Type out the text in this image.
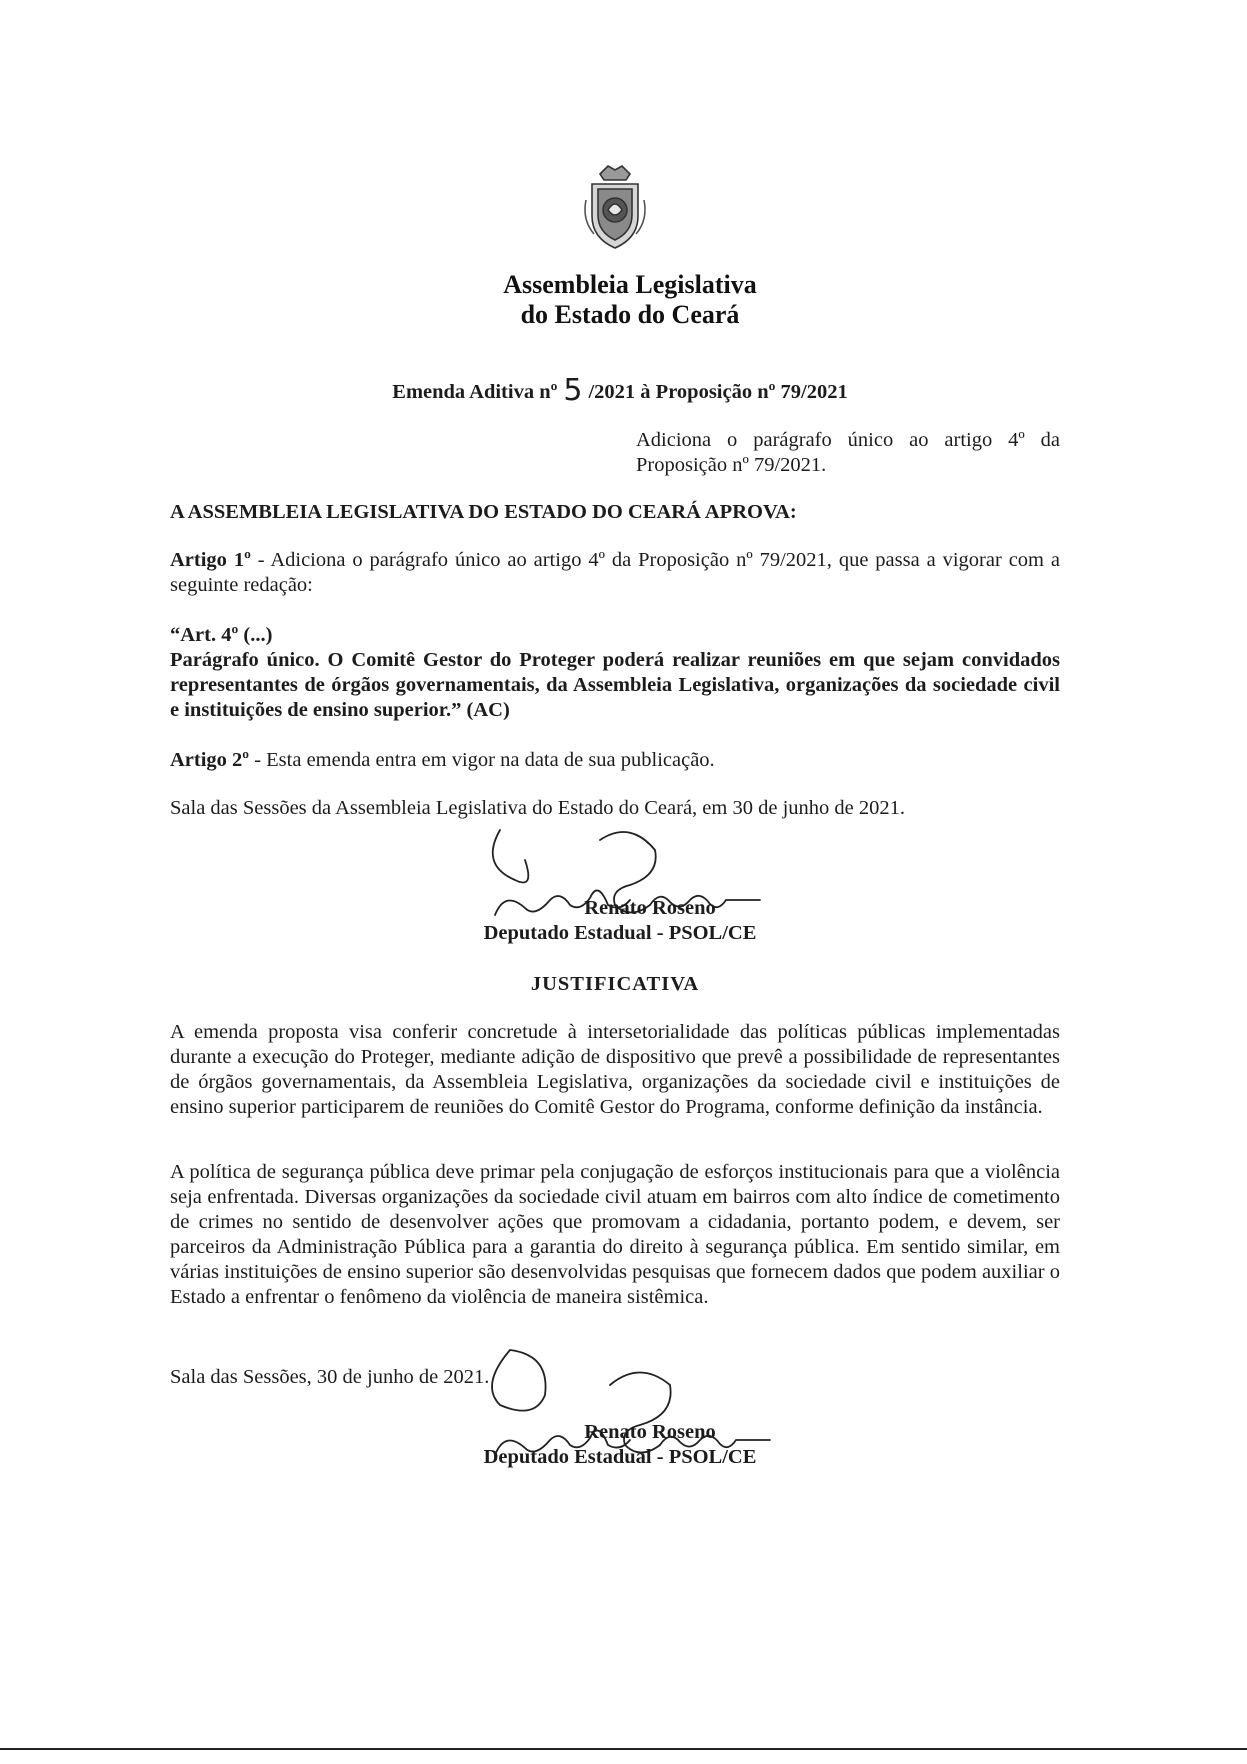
Assembleia Legislativa
do Estado do Ceará
Emenda Aditiva nº 5 /2021 à Proposição nº 79/2021
Adiciona o parágrafo único ao artigo 4º da Proposição nº 79/2021.
A ASSEMBLEIA LEGISLATIVA DO ESTADO DO CEARÁ APROVA:
Artigo 1º - Adiciona o parágrafo único ao artigo 4º da Proposição nº 79/2021, que passa a vigorar com a seguinte redação:
“Art. 4º (...)
Parágrafo único. O Comitê Gestor do Proteger poderá realizar reuniões em que sejam convidados representantes de órgãos governamentais, da Assembleia Legislativa, organizações da sociedade civil e instituições de ensino superior.” (AC)
Artigo 2º - Esta emenda entra em vigor na data de sua publicação.
Sala das Sessões da Assembleia Legislativa do Estado do Ceará, em 30 de junho de 2021.
Renato Roseno
Deputado Estadual - PSOL/CE
JUSTIFICATIVA
A emenda proposta visa conferir concretude à intersetorialidade das políticas públicas implementadas durante a execução do Proteger, mediante adição de dispositivo que prevê a possibilidade de representantes de órgãos governamentais, da Assembleia Legislativa, organizações da sociedade civil e instituições de ensino superior participarem de reuniões do Comitê Gestor do Programa, conforme definição da instância.
A política de segurança pública deve primar pela conjugação de esforços institucionais para que a violência seja enfrentada. Diversas organizações da sociedade civil atuam em bairros com alto índice de cometimento de crimes no sentido de desenvolver ações que promovam a cidadania, portanto podem, e devem, ser parceiros da Administração Pública para a garantia do direito à segurança pública. Em sentido similar, em várias instituições de ensino superior são desenvolvidas pesquisas que fornecem dados que podem auxiliar o Estado a enfrentar o fenômeno da violência de maneira sistêmica.
Sala das Sessões, 30 de junho de 2021.
Renato Roseno
Deputado Estadual - PSOL/CE
